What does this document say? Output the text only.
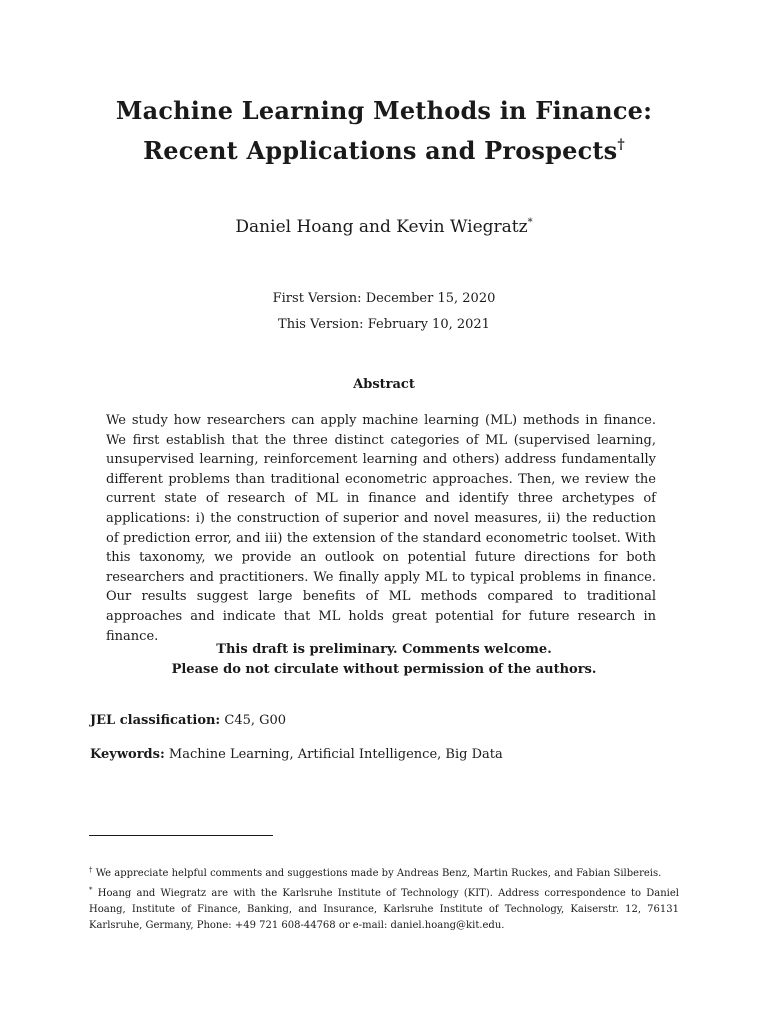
Machine Learning Methods in Finance:
Recent Applications and Prospects†
Daniel Hoang and Kevin Wiegratz*
First Version: December 15, 2020
This Version: February 10, 2021
Abstract
We study how researchers can apply machine learning (ML) methods in finance. We first establish that the three distinct categories of ML (supervised learning, unsupervised learning, reinforcement learning and others) address fundamentally different problems than traditional econometric approaches. Then, we review the current state of research of ML in finance and identify three archetypes of applications: i) the construction of superior and novel measures, ii) the reduction of prediction error, and iii) the extension of the standard econometric toolset. With this taxonomy, we provide an outlook on potential future directions for both researchers and practitioners. We finally apply ML to typical problems in finance. Our results suggest large benefits of ML methods compared to traditional approaches and indicate that ML holds great potential for future research in finance.
This draft is preliminary. Comments welcome.
Please do not circulate without permission of the authors.
JEL classification: C45, G00
Keywords: Machine Learning, Artificial Intelligence, Big Data
† We appreciate helpful comments and suggestions made by Andreas Benz, Martin Ruckes, and Fabian Silbereis.
* Hoang and Wiegratz are with the Karlsruhe Institute of Technology (KIT). Address correspondence to Daniel Hoang, Institute of Finance, Banking, and Insurance, Karlsruhe Institute of Technology, Kaiserstr. 12, 76131 Karlsruhe, Germany, Phone: +49 721 608-44768 or e-mail: daniel.hoang@kit.edu.
